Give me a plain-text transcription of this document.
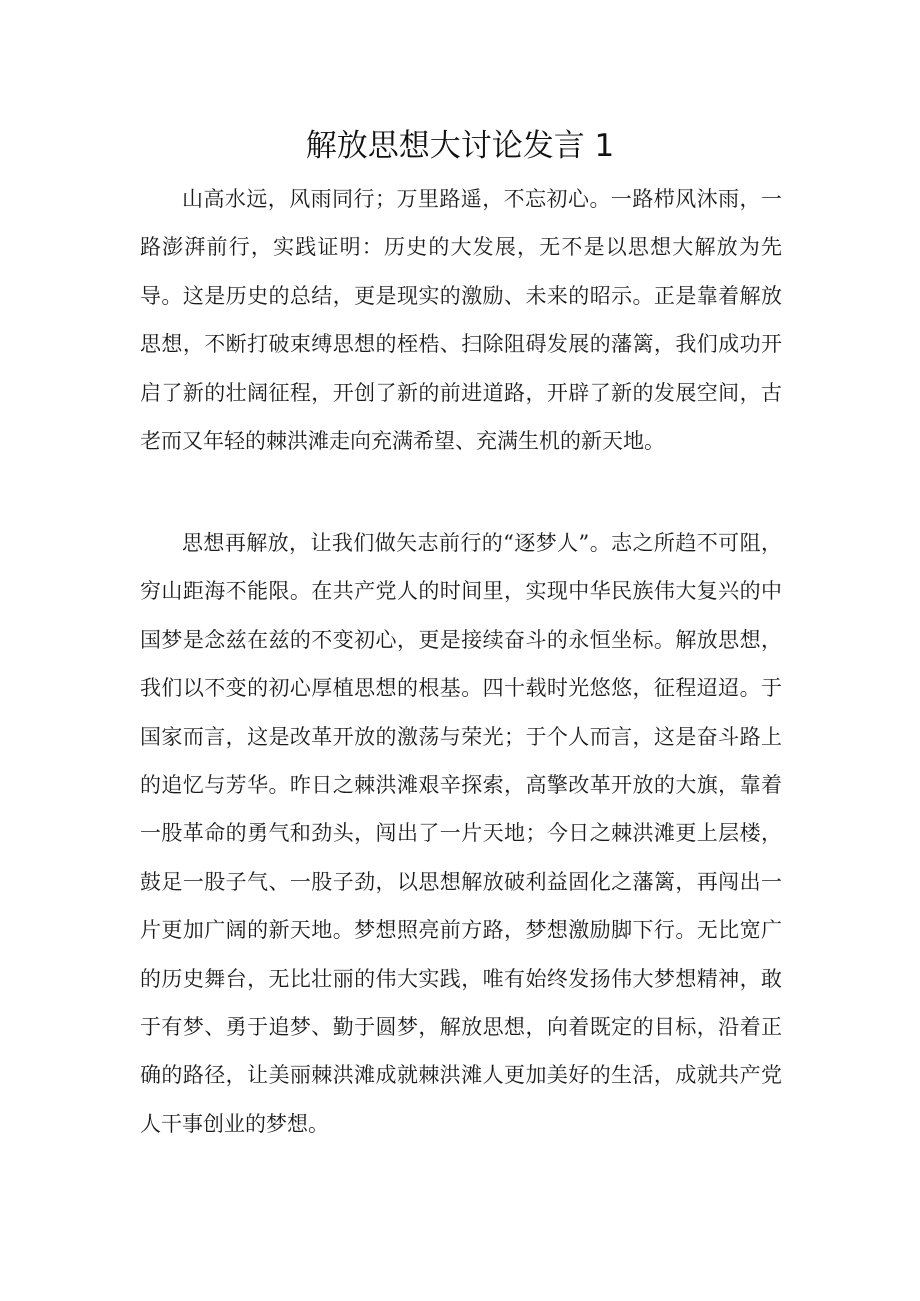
解放思想大讨论发言 1

山高水远，风雨同行；万里路遥，不忘初心。一路栉风沐雨，一路澎湃前行，实践证明：历史的大发展，无不是以思想大解放为先导。这是历史的总结，更是现实的激励、未来的昭示。正是靠着解放思想，不断打破束缚思想的桎梏、扫除阻碍发展的藩篱，我们成功开启了新的壮阔征程，开创了新的前进道路，开辟了新的发展空间，古老而又年轻的棘洪滩走向充满希望、充满生机的新天地。

思想再解放，让我们做矢志前行的“逐梦人”。志之所趋不可阻，穷山距海不能限。在共产党人的时间里，实现中华民族伟大复兴的中国梦是念兹在兹的不变初心，更是接续奋斗的永恒坐标。解放思想，我们以不变的初心厚植思想的根基。四十载时光悠悠，征程迢迢。于国家而言，这是改革开放的激荡与荣光；于个人而言，这是奋斗路上的追忆与芳华。昨日之棘洪滩艰辛探索，高擎改革开放的大旗，靠着一股革命的勇气和劲头，闯出了一片天地；今日之棘洪滩更上层楼，鼓足一股子气、一股子劲，以思想解放破利益固化之藩篱，再闯出一片更加广阔的新天地。梦想照亮前方路，梦想激励脚下行。无比宽广的历史舞台，无比壮丽的伟大实践，唯有始终发扬伟大梦想精神，敢于有梦、勇于追梦、勤于圆梦，解放思想，向着既定的目标，沿着正确的路径，让美丽棘洪滩成就棘洪滩人更加美好的生活，成就共产党人干事创业的梦想。
